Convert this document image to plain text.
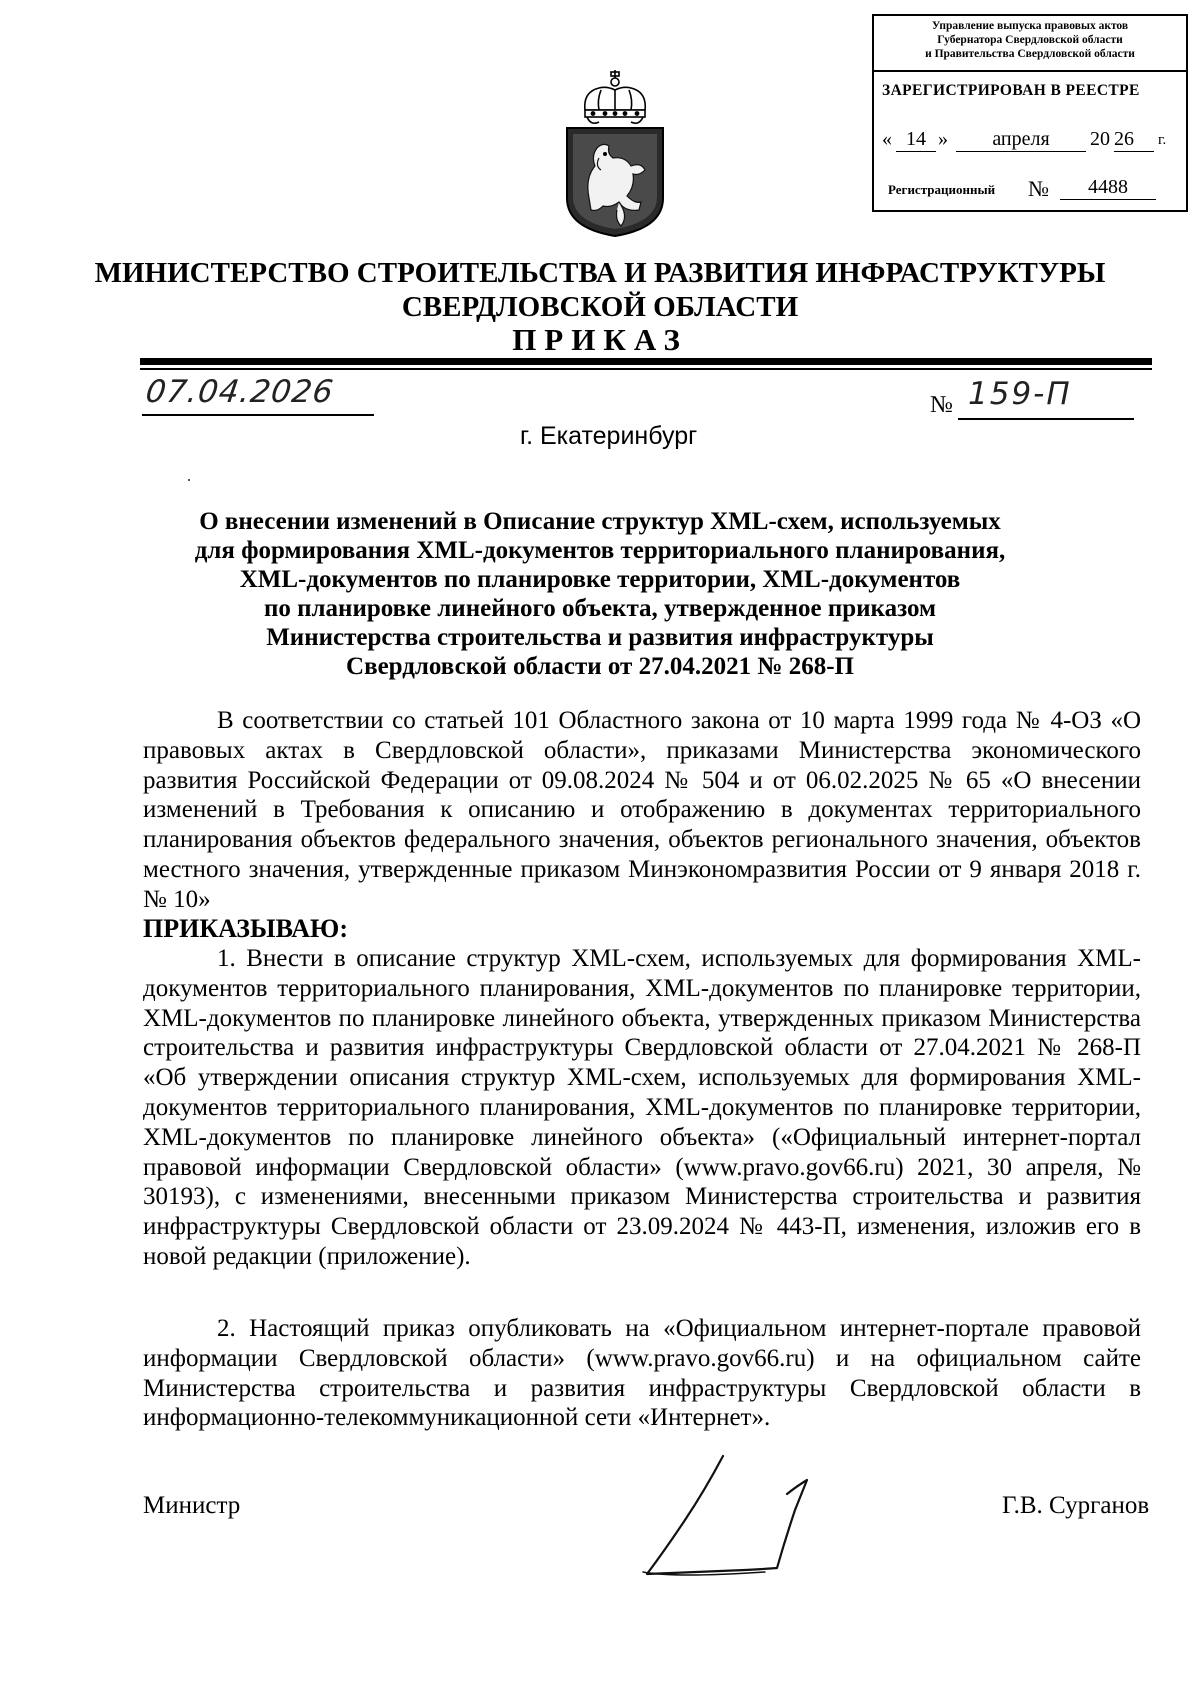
Управление выпуска правовых актов
Губернатора Свердловской области
и Правительства Свердловской области
ЗАРЕГИСТРИРОВАН В РЕЕСТРЕ
« 14 »	апреля	20 26	г.
Регистрационный №	4488
МИНИСТЕРСТВО СТРОИТЕЛЬСТВА И РАЗВИТИЯ ИНФРАСТРУКТУРЫ
СВЕРДЛОВСКОЙ ОБЛАСТИ
ПРИКАЗ
07.04.2026	№ 159-П
г. Екатеринбург
О внесении изменений в Описание структур XML-схем, используемых
для формирования XML-документов территориального планирования,
XML-документов по планировке территории, XML-документов
по планировке линейного объекта, утвержденное приказом
Министерства строительства и развития инфраструктуры
Свердловской области от 27.04.2021 № 268-П
В соответствии со статьей 101 Областного закона от 10 марта 1999 года № 4-ОЗ «О правовых актах в Свердловской области», приказами Министерства экономического развития Российской Федерации от 09.08.2024 № 504 и от 06.02.2025 № 65 «О внесении изменений в Требования к описанию и отображению в документах территориального планирования объектов федерального значения, объектов регионального значения, объектов местного значения, утвержденные приказом Минэкономразвития России от 9 января 2018 г. № 10»
ПРИКАЗЫВАЮ:
1. Внести в описание структур XML-схем, используемых для формирования XML-документов территориального планирования, XML-документов по планировке территории, XML-документов по планировке линейного объекта, утвержденных приказом Министерства строительства и развития инфраструктуры Свердловской области от 27.04.2021 № 268-П «Об утверждении описания структур XML-схем, используемых для формирования XML-документов территориального планирования, XML-документов по планировке территории, XML-документов по планировке линейного объекта» («Официальный интернет-портал правовой информации Свердловской области» (www.pravo.gov66.ru) 2021, 30 апреля, № 30193), с изменениями, внесенными приказом Министерства строительства и развития инфраструктуры Свердловской области от 23.09.2024 № 443-П, изменения, изложив его в новой редакции (приложение).
2. Настоящий приказ опубликовать на «Официальном интернет-портале правовой информации Свердловской области» (www.pravo.gov66.ru) и на официальном сайте Министерства строительства и развития инфраструктуры Свердловской области в информационно-телекоммуникационной сети «Интернет».
Министр	Г.В. Сурганов
